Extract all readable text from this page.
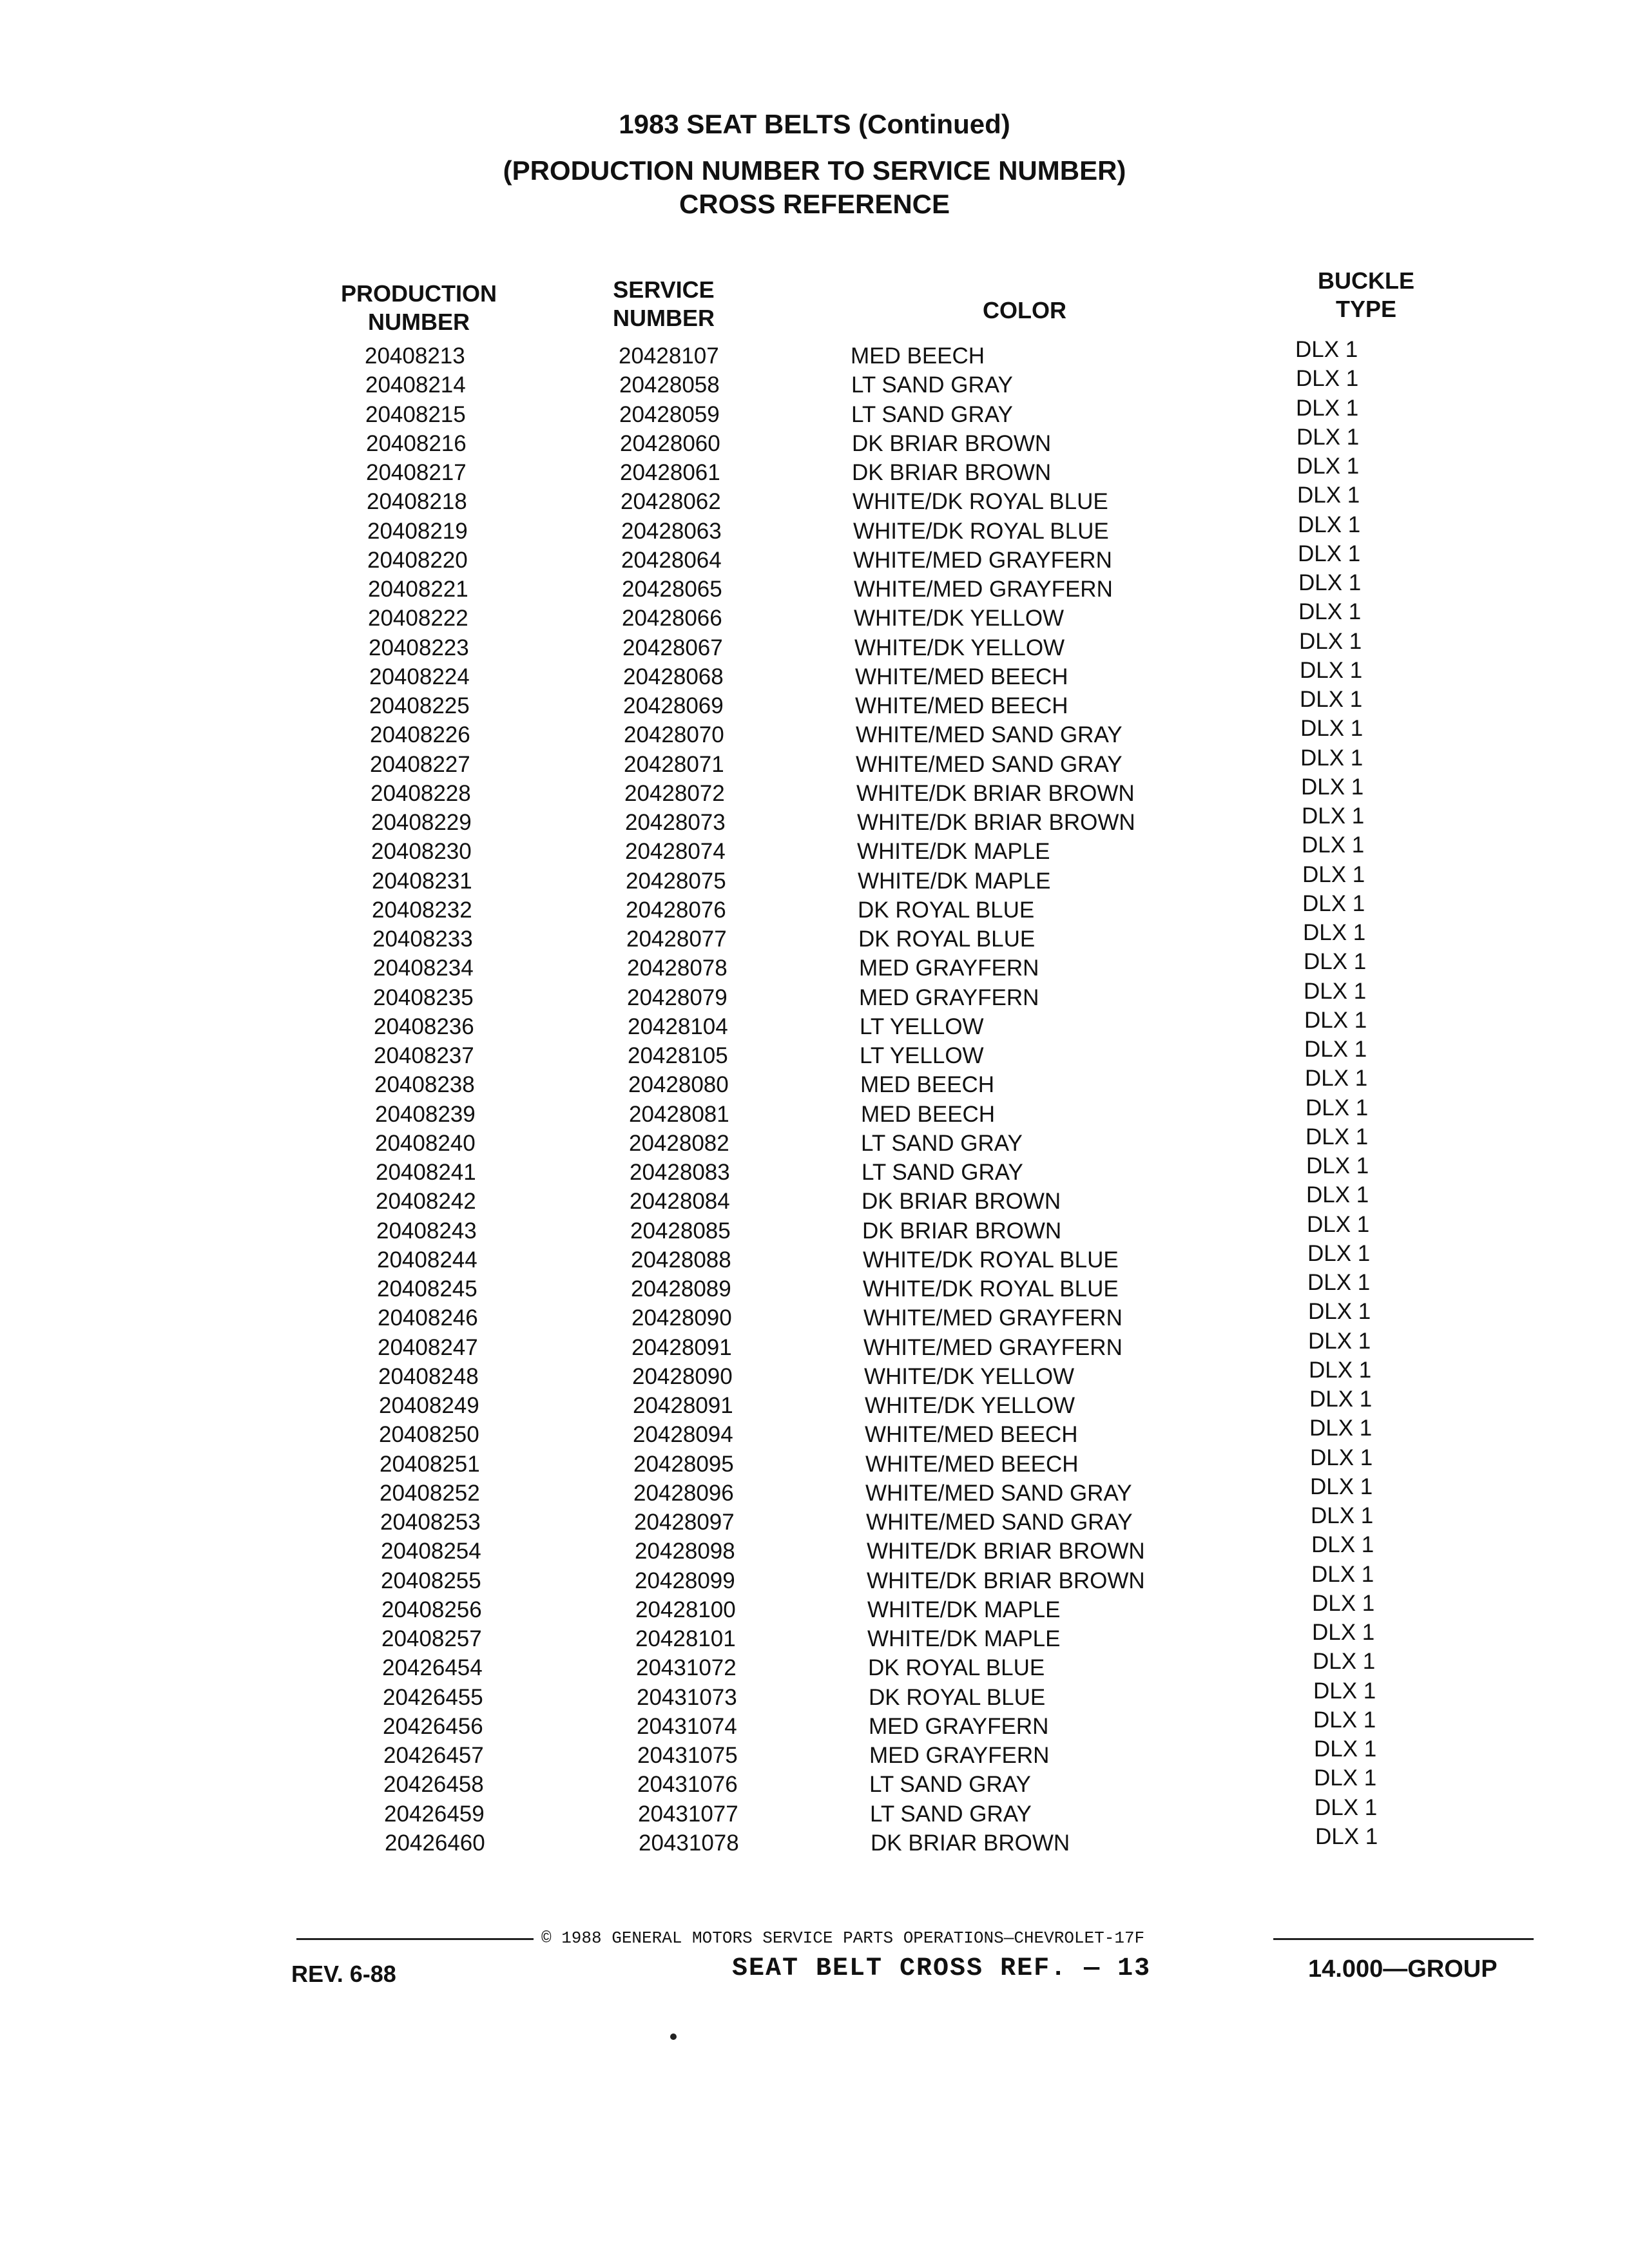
1983 SEAT BELTS (Continued)
(PRODUCTION NUMBER TO SERVICE NUMBER)
CROSS REFERENCE
PRODUCTION
NUMBER
SERVICE
NUMBER	COLOR
BUCKLE
TYPE
20408213	20428107	MED BEECH	DLX 1
20408214	20428058	LT SAND GRAY	DLX 1
20408215	20428059	LT SAND GRAY	DLX 1
20408216	20428060	DK BRIAR BROWN	DLX 1
20408217	20428061	DK BRIAR BROWN	DLX 1
20408218	20428062	WHITE/DK ROYAL BLUE	DLX 1
20408219	20428063	WHITE/DK ROYAL BLUE	DLX 1
20408220	20428064	WHITE/MED GRAYFERN	DLX 1
20408221	20428065	WHITE/MED GRAYFERN	DLX 1
20408222	20428066	WHITE/DK YELLOW	DLX 1
20408223	20428067	WHITE/DK YELLOW	DLX 1
20408224	20428068	WHITE/MED BEECH	DLX 1
20408225	20428069	WHITE/MED BEECH	DLX 1
20408226	20428070	WHITE/MED SAND GRAY	DLX 1
20408227	20428071	WHITE/MED SAND GRAY	DLX 1
20408228	20428072	WHITE/DK BRIAR BROWN	DLX 1
20408229	20428073	WHITE/DK BRIAR BROWN	DLX 1
20408230	20428074	WHITE/DK MAPLE	DLX 1
20408231	20428075	WHITE/DK MAPLE	DLX 1
20408232	20428076	DK ROYAL BLUE	DLX 1
20408233	20428077	DK ROYAL BLUE	DLX 1
20408234	20428078	MED GRAYFERN	DLX 1
20408235	20428079	MED GRAYFERN	DLX 1
20408236	20428104	LT YELLOW	DLX 1
20408237	20428105	LT YELLOW	DLX 1
20408238	20428080	MED BEECH	DLX 1
20408239	20428081	MED BEECH	DLX 1
20408240	20428082	LT SAND GRAY	DLX 1
20408241	20428083	LT SAND GRAY	DLX 1
20408242	20428084	DK BRIAR BROWN	DLX 1
20408243	20428085	DK BRIAR BROWN	DLX 1
20408244	20428088	WHITE/DK ROYAL BLUE	DLX 1
20408245	20428089	WHITE/DK ROYAL BLUE	DLX 1
20408246	20428090	WHITE/MED GRAYFERN	DLX 1
20408247	20428091	WHITE/MED GRAYFERN	DLX 1
20408248	20428090	WHITE/DK YELLOW	DLX 1
20408249	20428091	WHITE/DK YELLOW	DLX 1
20408250	20428094	WHITE/MED BEECH	DLX 1
20408251	20428095	WHITE/MED BEECH	DLX 1
20408252	20428096	WHITE/MED SAND GRAY	DLX 1
20408253	20428097	WHITE/MED SAND GRAY	DLX 1
20408254	20428098	WHITE/DK BRIAR BROWN	DLX 1
20408255	20428099	WHITE/DK BRIAR BROWN	DLX 1
20408256	20428100	WHITE/DK MAPLE	DLX 1
20408257	20428101	WHITE/DK MAPLE	DLX 1
20426454	20431072	DK ROYAL BLUE	DLX 1
20426455	20431073	DK ROYAL BLUE	DLX 1
20426456	20431074	MED GRAYFERN	DLX 1
20426457	20431075	MED GRAYFERN	DLX 1
20426458	20431076	LT SAND GRAY	DLX 1
20426459	20431077	LT SAND GRAY	DLX 1
20426460	20431078	DK BRIAR BROWN	DLX 1
© 1988 GENERAL MOTORS SERVICE PARTS OPERATIONS—CHEVROLET-17F
REV. 6-88	SEAT BELT CROSS REF. — 13	14.000—GROUP
